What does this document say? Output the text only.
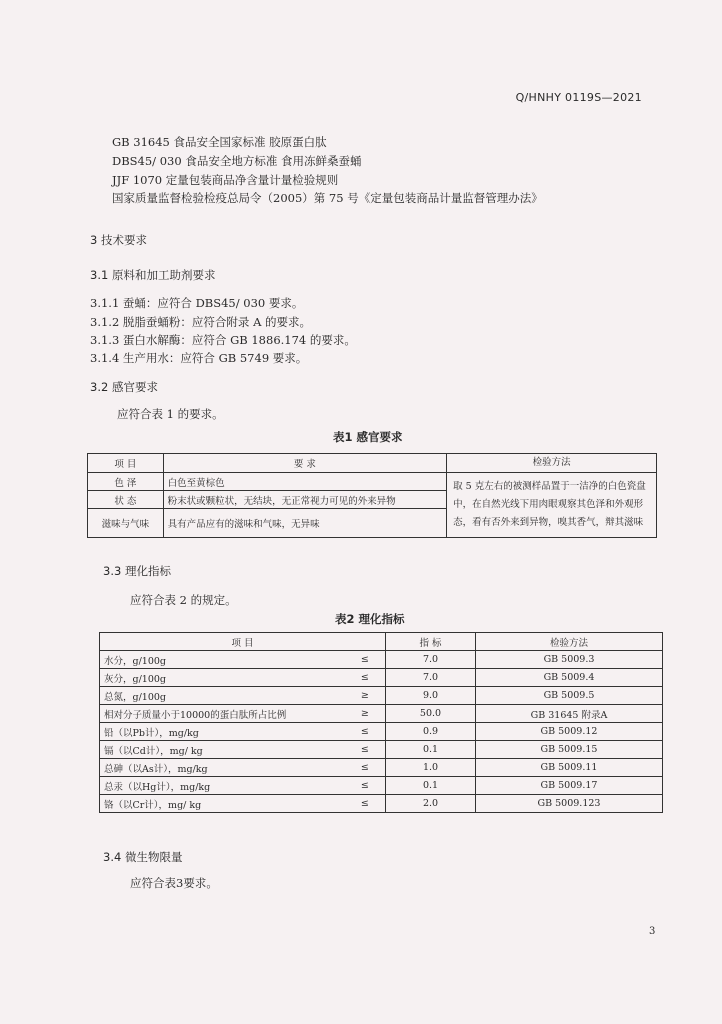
Q/HNHY 0119S—2021
GB 31645 食品安全国家标准 胶原蛋白肽
DBS45/ 030 食品安全地方标准 食用冻鲜桑蚕蛹
JJF 1070 定量包装商品净含量计量检验规则
国家质量监督检验检疫总局令（2005）第 75 号《定量包装商品计量监督管理办法》
3 技术要求
3.1 原料和加工助剂要求
3.1.1 蚕蛹：应符合 DBS45/ 030 要求。
3.1.2 脱脂蚕蛹粉：应符合附录 A 的要求。
3.1.3 蛋白水解酶：应符合 GB 1886.174 的要求。
3.1.4 生产用水：应符合 GB 5749 要求。
3.2 感官要求
应符合表 1 的要求。
表1 感官要求
项 目	要 求	检验方法
色 泽	白色至黄棕色	取 5 克左右的被测样品置于一洁净的白色瓷盘中，在自然光线下用肉眼观察其色泽和外观形态，看有否外来到异物，嗅其香气，辩其滋味
状 态	粉末状或颗粒状，无结块，无正常视力可见的外来异物	
滋味与气味	具有产品应有的滋味和气味，无异味	
3.3 理化指标
应符合表 2 的规定。
表2 理化指标
项 目		指 标	检验方法
水分，g/100g	≤	7.0	GB 5009.3
灰分，g/100g	≤	7.0	GB 5009.4
总氮，g/100g	≥	9.0	GB 5009.5
相对分子质量小于10000的蛋白肽所占比例	≥	50.0	GB 31645 附录A
铅（以Pb计），mg/kg	≤	0.9	GB 5009.12
镉（以Cd计），mg/ kg	≤	0.1	GB 5009.15
总砷（以As计），mg/kg	≤	1.0	GB 5009.11
总汞（以Hg计），mg/kg	≤	0.1	GB 5009.17
铬（以Cr计），mg/ kg	≤	2.0	GB 5009.123
3.4 微生物限量
应符合表3要求。
3
